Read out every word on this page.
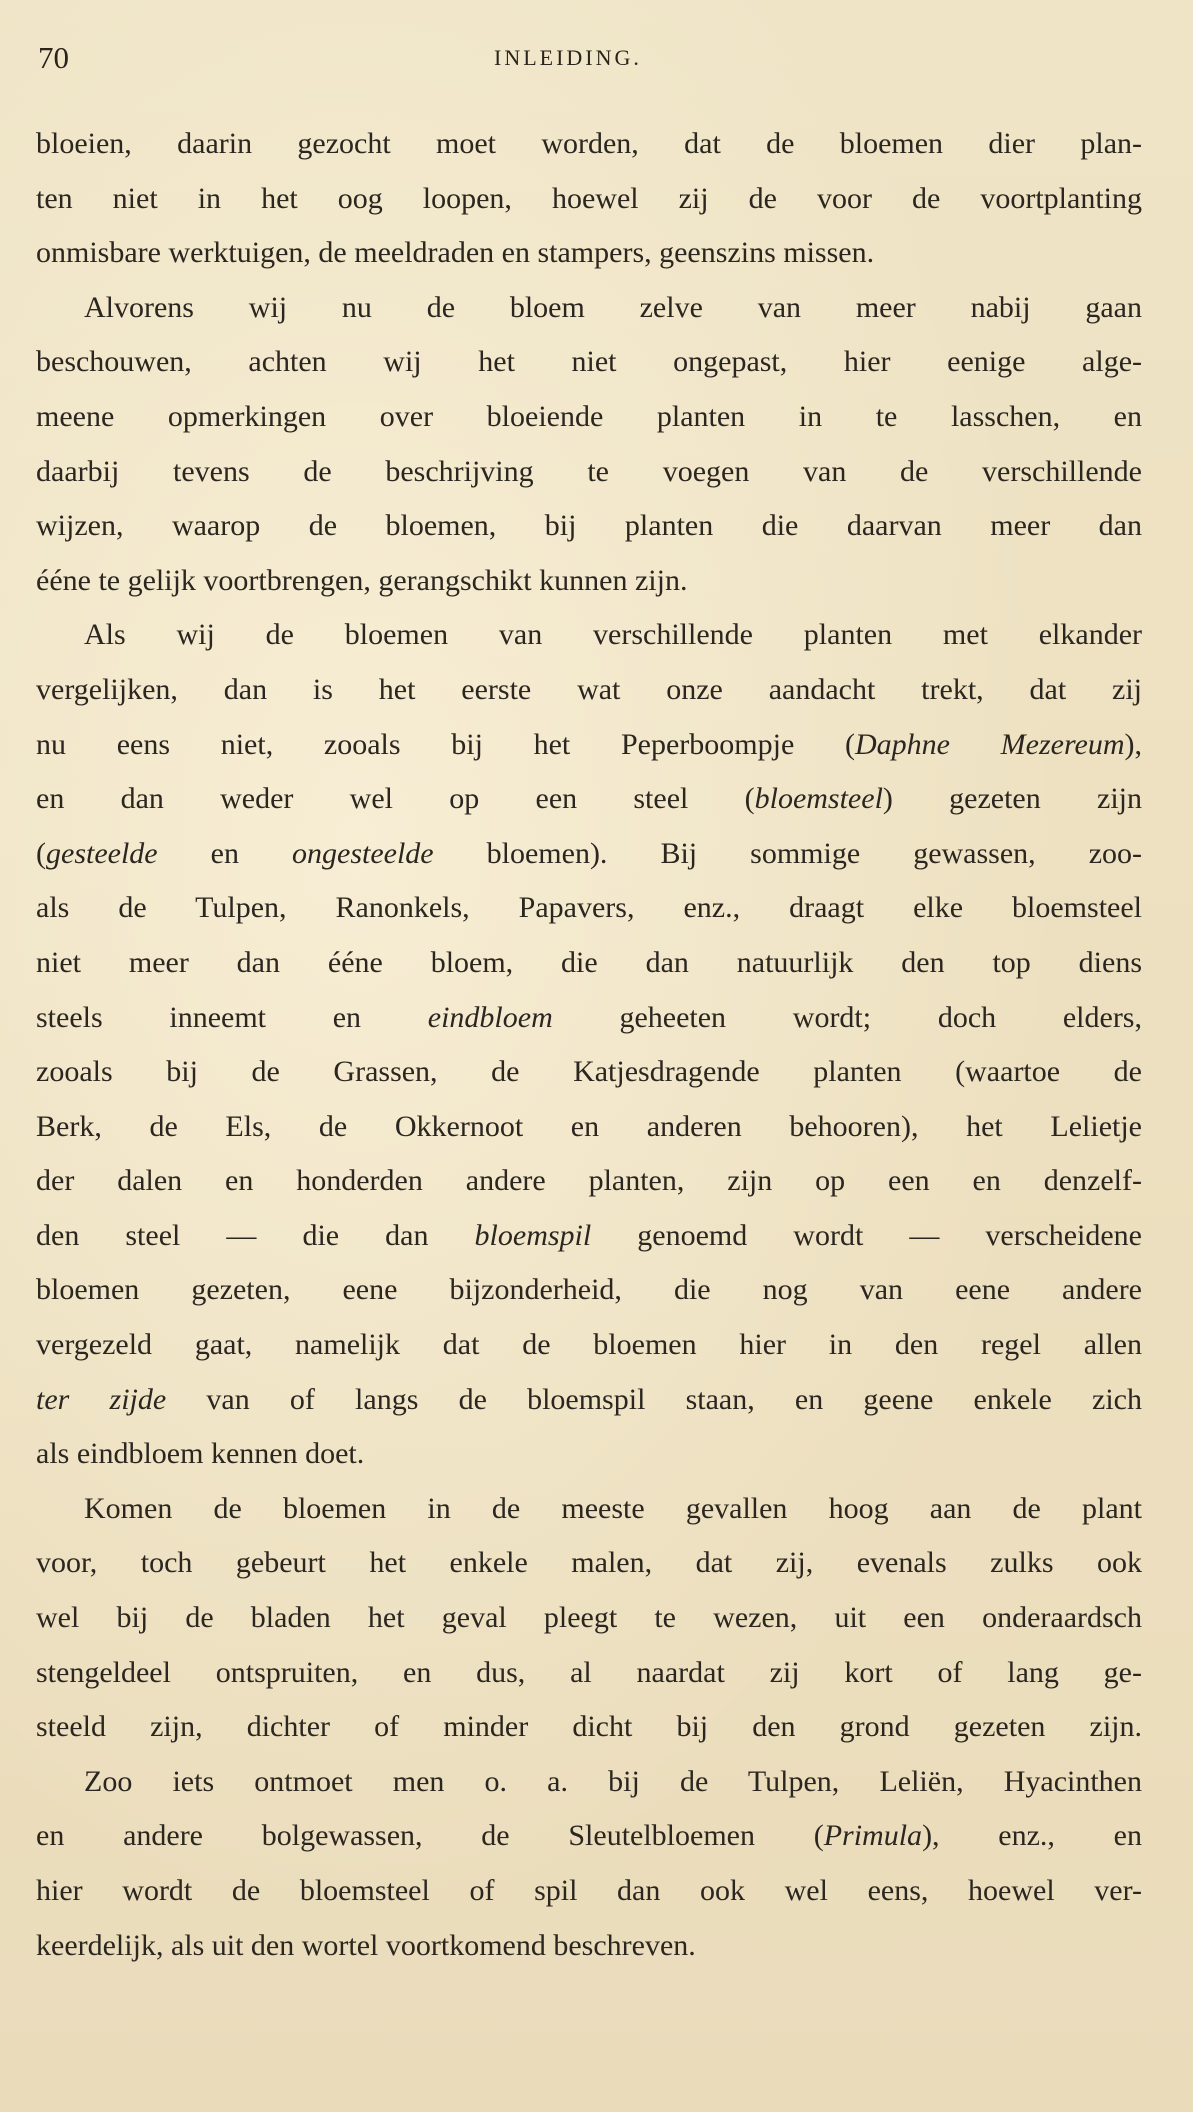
70	INLEIDING.
bloeien, daarin gezocht moet worden, dat de bloemen dier plan-
ten niet in het oog loopen, hoewel zij de voor de voortplanting
onmisbare werktuigen, de meeldraden en stampers, geenszins missen.
Alvorens wij nu de bloem zelve van meer nabij gaan
beschouwen, achten wij het niet ongepast, hier eenige alge-
meene opmerkingen over bloeiende planten in te lasschen, en
daarbij tevens de beschrijving te voegen van de verschillende
wijzen, waarop de bloemen, bij planten die daarvan meer dan
ééne te gelijk voortbrengen, gerangschikt kunnen zijn.
Als wij de bloemen van verschillende planten met elkander
vergelijken, dan is het eerste wat onze aandacht trekt, dat zij
nu eens niet, zooals bij het Peperboompje (Daphne Mezereum),
en dan weder wel op een steel (bloemsteel) gezeten zijn
(gesteelde en ongesteelde bloemen). Bij sommige gewassen, zoo-
als de Tulpen, Ranonkels, Papavers, enz., draagt elke bloemsteel
niet meer dan ééne bloem, die dan natuurlijk den top diens
steels inneemt en eindbloem geheeten wordt; doch elders,
zooals bij de Grassen, de Katjesdragende planten (waartoe de
Berk, de Els, de Okkernoot en anderen behooren), het Lelietje
der dalen en honderden andere planten, zijn op een en denzelf-
den steel — die dan bloemspil genoemd wordt — verscheidene
bloemen gezeten, eene bijzonderheid, die nog van eene andere
vergezeld gaat, namelijk dat de bloemen hier in den regel allen
ter zijde van of langs de bloemspil staan, en geene enkele zich
als eindbloem kennen doet.
Komen de bloemen in de meeste gevallen hoog aan de plant
voor, toch gebeurt het enkele malen, dat zij, evenals zulks ook
wel bij de bladen het geval pleegt te wezen, uit een onderaardsch
stengeldeel ontspruiten, en dus, al naardat zij kort of lang ge-
steeld zijn, dichter of minder dicht bij den grond gezeten zijn.
Zoo iets ontmoet men o. a. bij de Tulpen, Leliën, Hyacinthen
en andere bolgewassen, de Sleutelbloemen (Primula), enz., en
hier wordt de bloemsteel of spil dan ook wel eens, hoewel ver-
keerdelijk, als uit den wortel voortkomend beschreven.
